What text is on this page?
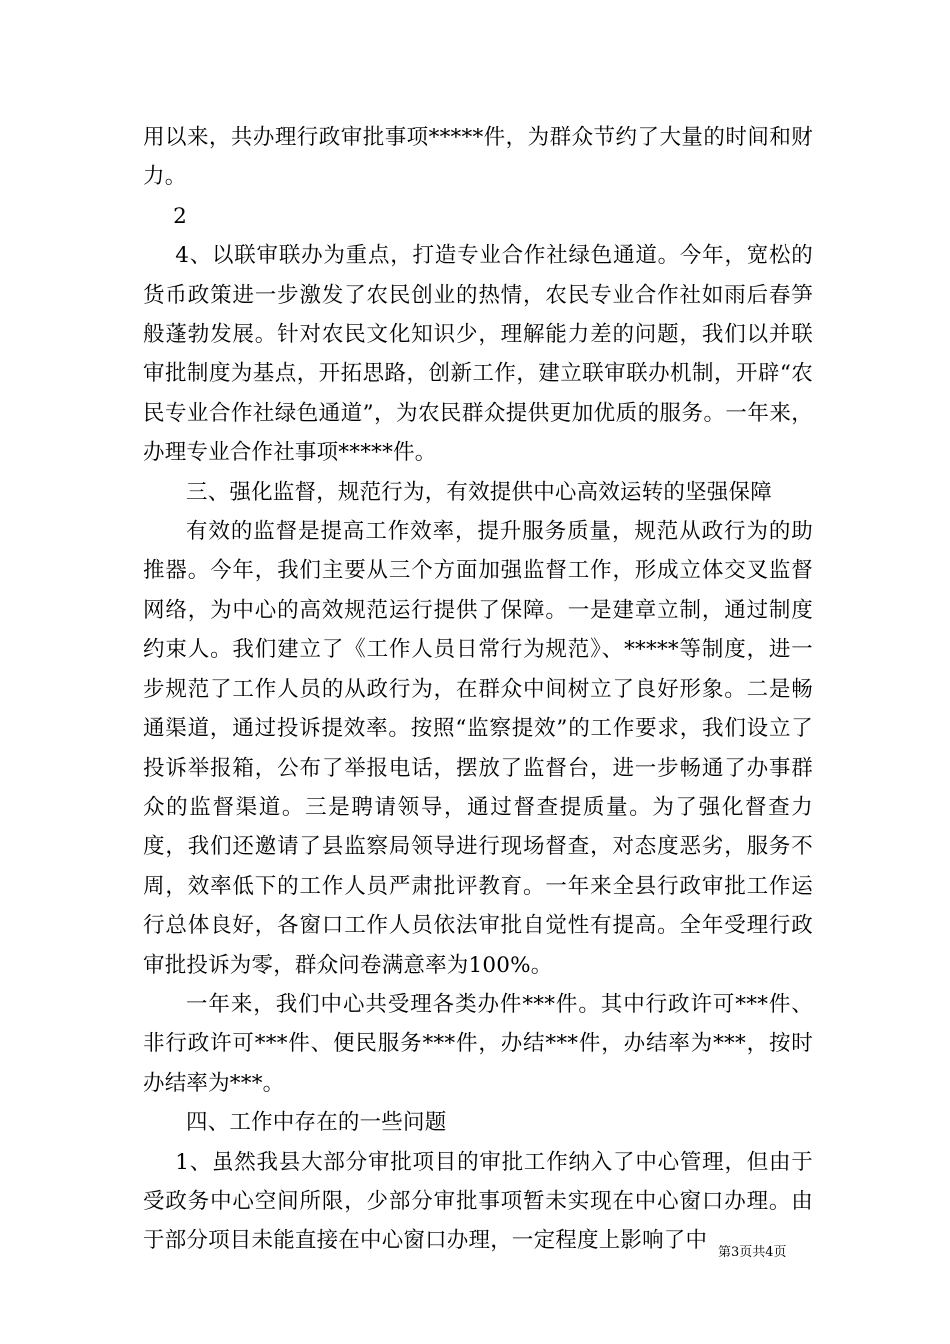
用以来，共办理行政审批事项*****件，为群众节约了大量的时间和财力。

2

4、以联审联办为重点，打造专业合作社绿色通道。今年，宽松的货币政策进一步激发了农民创业的热情，农民专业合作社如雨后春笋般蓬勃发展。针对农民文化知识少，理解能力差的问题，我们以并联审批制度为基点，开拓思路，创新工作，建立联审联办机制，开辟“农民专业合作社绿色通道”，为农民群众提供更加优质的服务。一年来，办理专业合作社事项*****件。

三、强化监督，规范行为，有效提供中心高效运转的坚强保障

有效的监督是提高工作效率，提升服务质量，规范从政行为的助推器。今年，我们主要从三个方面加强监督工作，形成立体交叉监督网络，为中心的高效规范运行提供了保障。一是建章立制，通过制度约束人。我们建立了《工作人员日常行为规范》、*****等制度，进一步规范了工作人员的从政行为，在群众中间树立了良好形象。二是畅通渠道，通过投诉提效率。按照“监察提效”的工作要求，我们设立了投诉举报箱，公布了举报电话，摆放了监督台，进一步畅通了办事群众的监督渠道。三是聘请领导，通过督查提质量。为了强化督查力度，我们还邀请了县监察局领导进行现场督查，对态度恶劣，服务不周，效率低下的工作人员严肃批评教育。一年来全县行政审批工作运行总体良好，各窗口工作人员依法审批自觉性有提高。全年受理行政审批投诉为零，群众问卷满意率为100%。

一年来，我们中心共受理各类办件***件。其中行政许可***件、非行政许可***件、便民服务***件，办结***件，办结率为***，按时办结率为***。

四、工作中存在的一些问题

1、虽然我县大部分审批项目的审批工作纳入了中心管理，但由于受政务中心空间所限，少部分审批事项暂未实现在中心窗口办理。由于部分项目未能直接在中心窗口办理，一定程度上影响了中 第3页共4页
